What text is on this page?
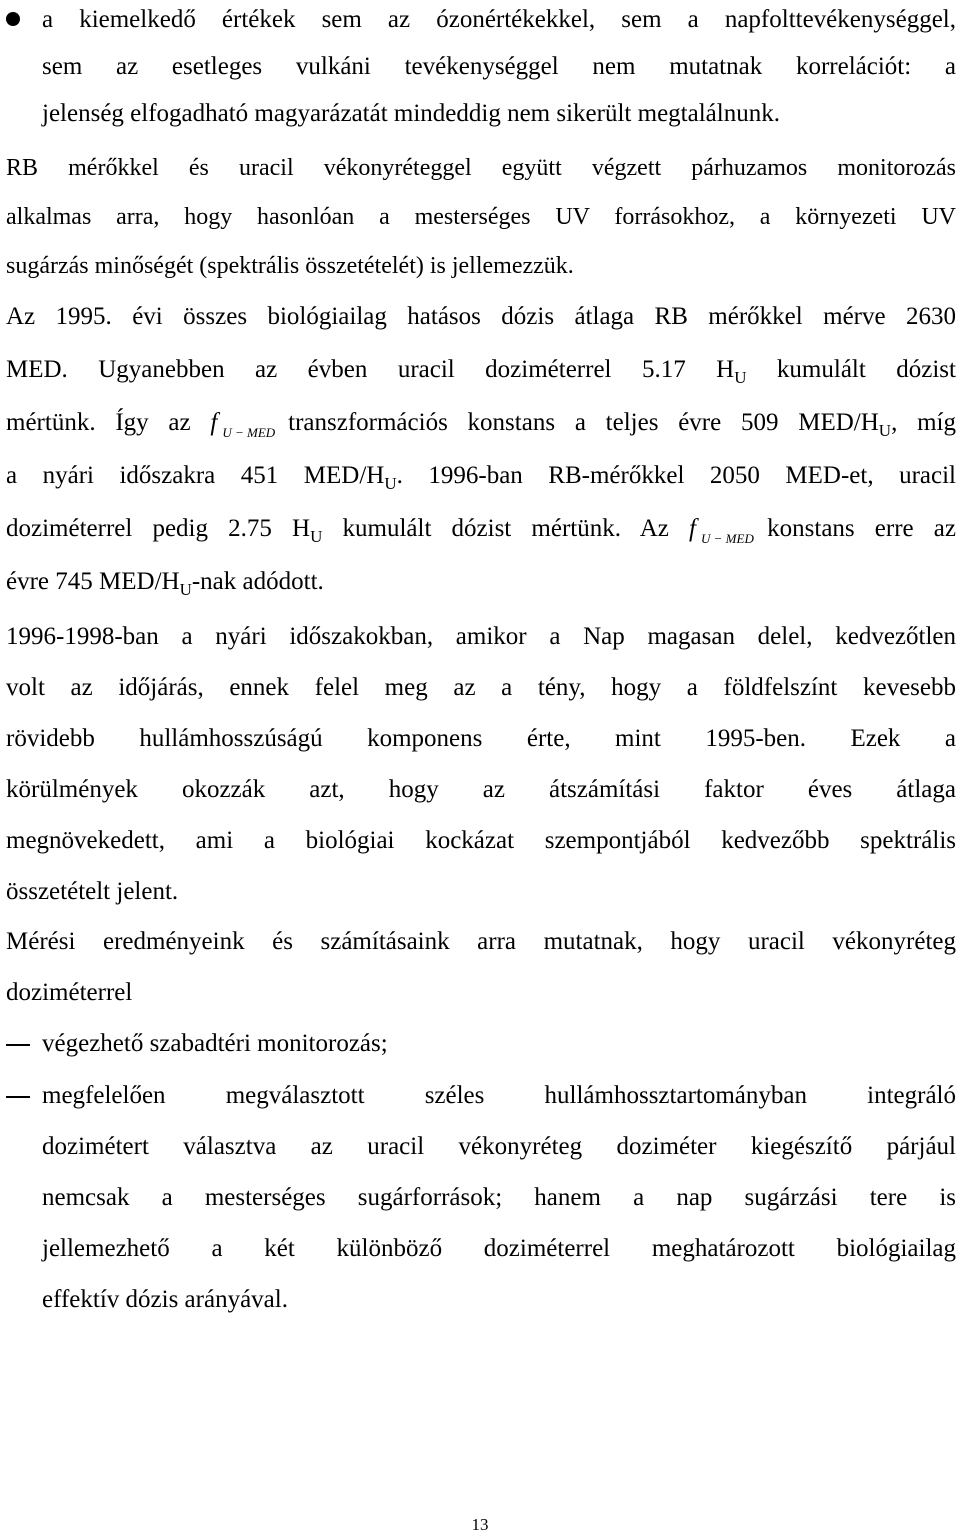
a kiemelkedő értékek sem az ózonértékekkel, sem a napfolttevékenységgel,
sem az esetleges vulkáni tevékenységgel nem mutatnak korrelációt: a
jelenség elfogadható magyarázatát mindeddig nem sikerült megtalálnunk.
RB mérőkkel és uracil vékonyréteggel együtt végzett párhuzamos monitorozás
alkalmas arra, hogy hasonlóan a mesterséges UV forrásokhoz, a környezeti UV
sugárzás minőségét (spektrális összetételét) is jellemezzük.
Az 1995. évi összes biológiailag hatásos dózis átlaga RB mérőkkel mérve 2630
MED. Ugyanebben az évben uracil doziméterrel 5.17 $H_U$ kumulált dózist
mértünk. Így az f U − MED
transzformációs konstans a teljes évre 509 MED/$H_U$, míg
a nyári időszakra 451 MED/$H_U$. 1996-ban RB-mérőkkel 2050 MED-et, uracil
doziméterrel pedig 2.75 $H_U$ kumulált dózist mértünk. Az f U − MED
konstans erre az
évre 745 MED/$H_U$-nak adódott.
1996-1998-ban a nyári időszakokban, amikor a Nap magasan delel, kedvezőtlen
volt az időjárás, ennek felel meg az a tény, hogy a földfelszínt kevesebb
rövidebb hullámhosszúságú komponens érte, mint 1995-ben. Ezek a
körülmények okozzák azt, hogy az átszámítási faktor éves átlaga
megnövekedett, ami a biológiai kockázat szempontjából kedvezőbb spektrális
összetételt jelent.
Mérési eredményeink és számításaink arra mutatnak, hogy uracil vékonyréteg
doziméterrel
végezhető szabadtéri monitorozás;
megfelelően megválasztott széles hullámhossztartományban integráló
dozimétert választva az uracil vékonyréteg doziméter kiegészítő párjául
nemcsak a mesterséges sugárforrások; hanem a nap sugárzási tere is
jellemezhető a két különböző doziméterrel meghatározott biológiailag
effektív dózis arányával.
13
